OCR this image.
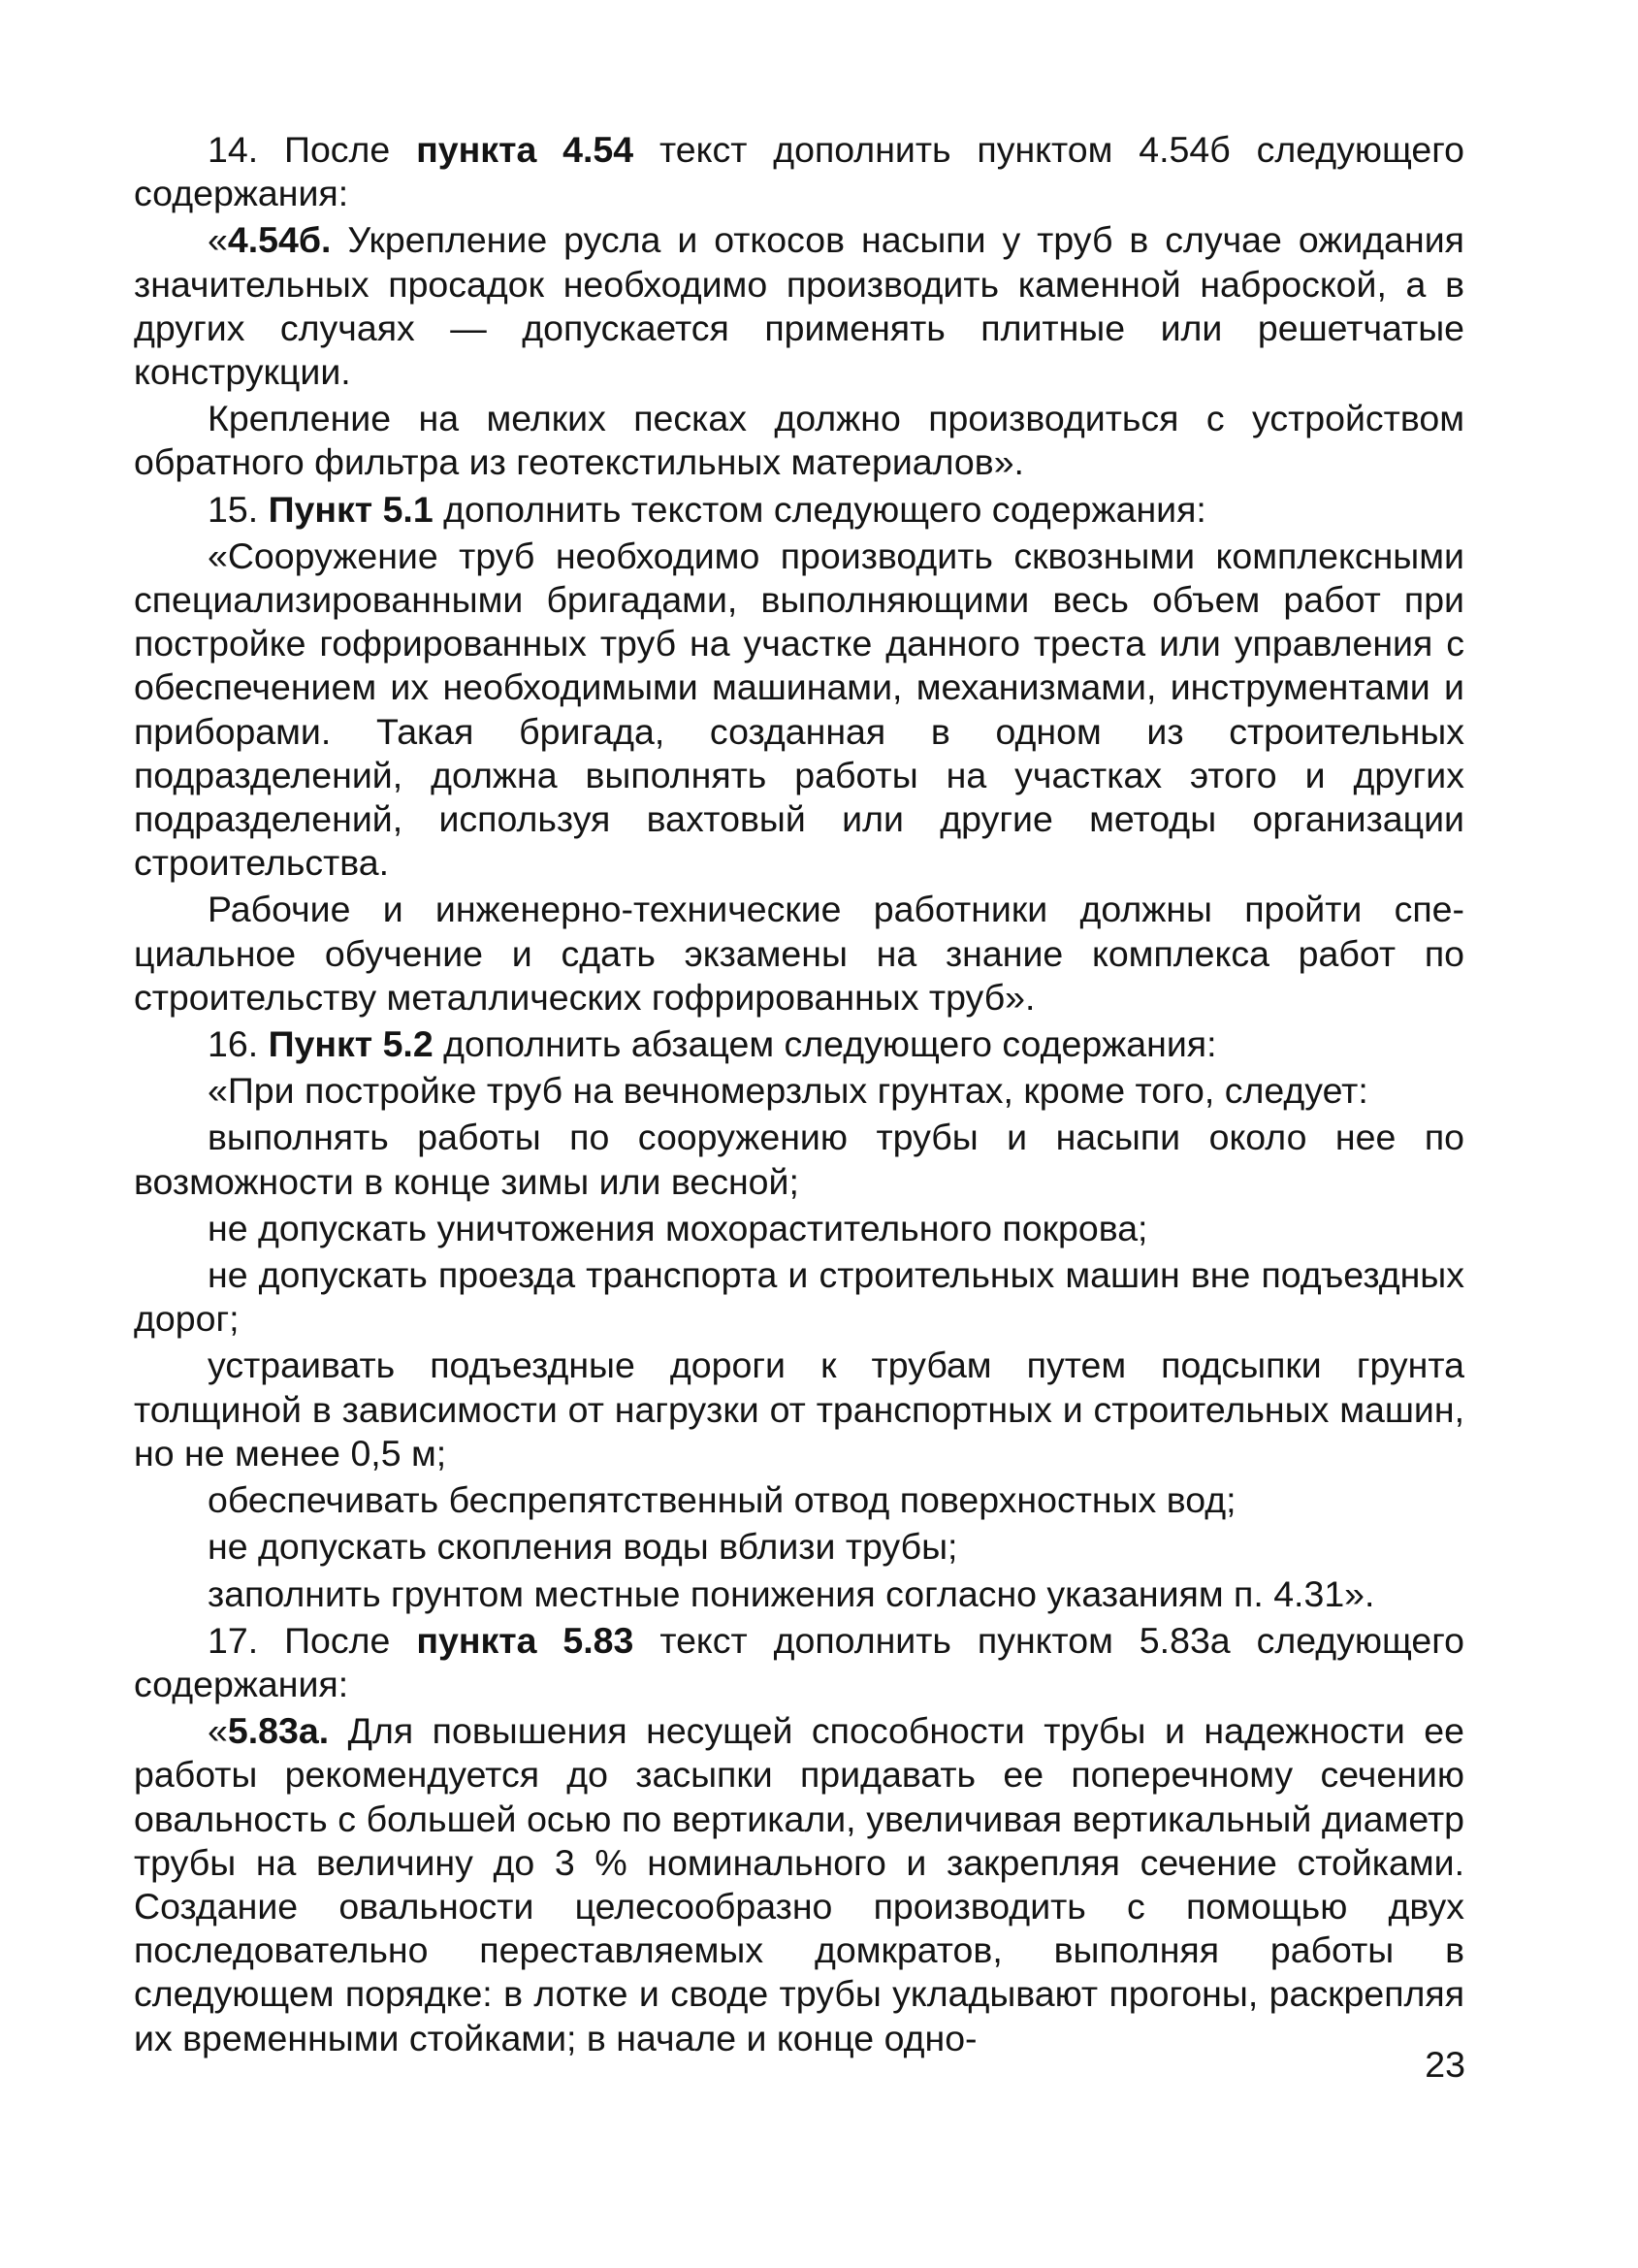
14. После пункта 4.54 текст дополнить пунктом 4.54б следующего содержания:

«4.54б. Укрепление русла и откосов насыпи у труб в случае ожидания значительных просадок необходимо производить каменной наброской, а в других случаях — допускается применять плитные или решетчатые конструкции.

Крепление на мелких песках должно производиться с устройством обратного фильтра из геотекстильных материалов».

15. Пункт 5.1 дополнить текстом следующего содержания:

«Сооружение труб необходимо производить сквозными комплексными специализированными бригадами, выполняющими весь объем работ при постройке гофрированных труб на участке данного треста или управления с обеспечением их необходимыми машинами, механизмами, инструментами и приборами. Такая бригада, созданная в одном из строительных подразделений, должна выполнять работы на участках этого и других подразделений, используя вахтовый или другие методы организации строительства.

Рабочие и инженерно-технические работники должны пройти специальное обучение и сдать экзамены на знание комплекса работ по строительству металлических гофрированных труб».

16. Пункт 5.2 дополнить абзацем следующего содержания:

«При постройке труб на вечномерзлых грунтах, кроме того, следует:

выполнять работы по сооружению трубы и насыпи около нее по возможности в конце зимы или весной;

не допускать уничтожения мохорастительного покрова;

не допускать проезда транспорта и строительных машин вне подъездных дорог;

устраивать подъездные дороги к трубам путем подсыпки грунта толщиной в зависимости от нагрузки от транспортных и строительных машин, но не менее 0,5 м;

обеспечивать беспрепятственный отвод поверхностных вод;

не допускать скопления воды вблизи трубы;

заполнить грунтом местные понижения согласно указаниям п. 4.31».

17. После пункта 5.83 текст дополнить пунктом 5.83а следующего содержания:

«5.83а. Для повышения несущей способности трубы и надежности ее работы рекомендуется до засыпки придавать ее поперечному сечению овальность с большей осью по вертикали, увеличивая вертикальный диаметр трубы на величину до 3 % номинального и закрепляя сечение стойками. Создание овальности целесообразно производить с помощью двух последовательно переставляемых домкратов, выполняя работы в следующем порядке: в лотке и своде трубы укладывают прогоны, раскрепляя их временными стойками; в начале и конце одно-

23
